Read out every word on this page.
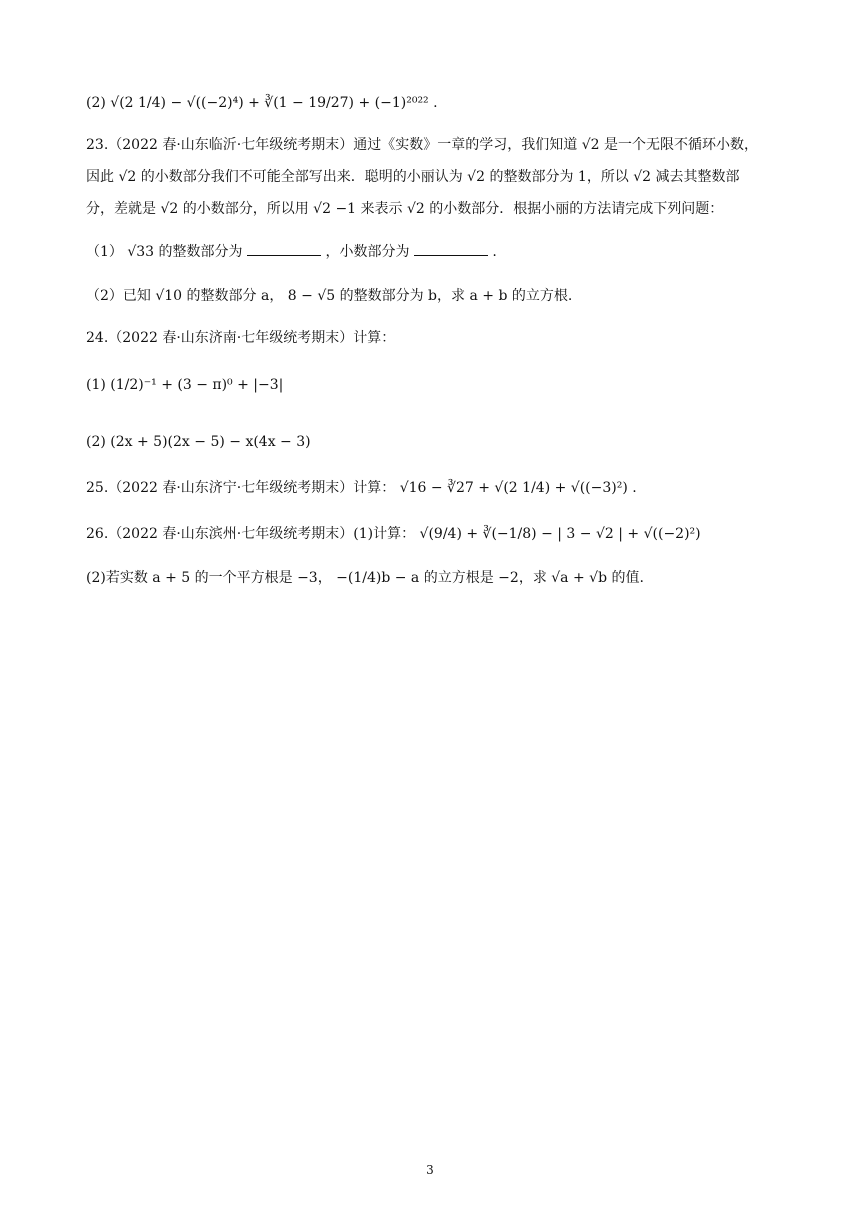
(2) √(2 1/4) − √((−2)⁴) + ∛(1 − 19/27) + (−1)²⁰²² .
23.（2022 春·山东临沂·七年级统考期末）通过《实数》一章的学习，我们知道 √2 是一个无限不循环小数，
因此 √2 的小数部分我们不可能全部写出来．聪明的小丽认为 √2 的整数部分为 1，所以 √2 减去其整数部
分，差就是 √2 的小数部分，所以用 √2 −1 来表示 √2 的小数部分．根据小丽的方法请完成下列问题：
（1） √33 的整数部分为	，小数部分为	.
（2）已知 √10 的整数部分 a， 8 − √5 的整数部分为 b，求 a + b 的立方根.
24.（2022 春·山东济南·七年级统考期末）计算：
(1) (1/2)⁻¹ + (3 − π)⁰ + |−3|
(2) (2x + 5)(2x − 5) − x(4x − 3)
25.（2022 春·山东济宁·七年级统考期末）计算： √16 − ∛27 + √(2 1/4) + √((−3)²) .
26.（2022 春·山东滨州·七年级统考期末）(1)计算： √(9/4) + ∛(−1/8) − | 3 − √2 | + √((−2)²)
(2)若实数 a + 5 的一个平方根是 −3， −(1/4)b − a 的立方根是 −2，求 √a + √b 的值.
3
